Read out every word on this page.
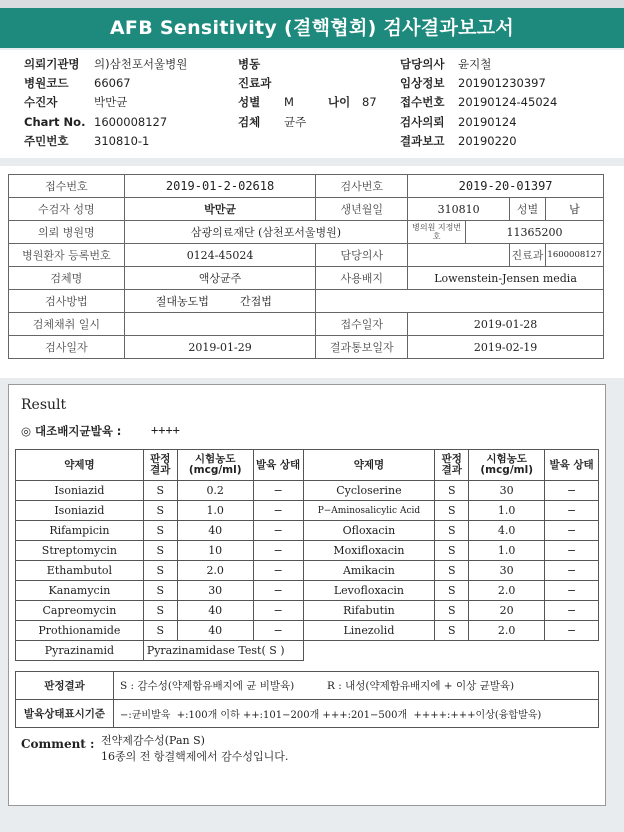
AFB Sensitivity (결핵협회) 검사결과보고서
의뢰기관명 의)삼천포서울병원	병동	담당의사 윤지철
병원코드 66067	진료과	임상정보 201901230397
수진자	박만균	성별 M	나이 87 접수번호 20190124-45024
Chart No. 1600008127	검체 균주	검사의뢰 20190124
주민번호 310810-1	결과보고 20190220
접수번호	2019-01-2-02618		검사번호	2019-20-01397			
수검자 성명	박만균		생년월일	310810		성별	남
의뢰 병원명	삼광의료재단 (삼천포서울병원)			병의원 지정번호	11365200		
병원환자 등록번호	0124-45024		담당의사			진료과	1600008127
검체명	액상균주		사용배지	Lowenstein-Jensen media			
검사방법	절대농도법	간접법					
검체채취 일시			접수일자	2019-01-28			
검사일자	2019-01-29		결과통보일자	2019-02-19			
Result
◎ 대조배지균발육 : ++++
약제명	판정 결과	시험농도 (mcg/ml)	발육 상태	약제명	판정 결과	시험농도 (mcg/ml)	발육 상태
Isoniazid	S	0.2	−	Cycloserine	S	30	−
Isoniazid	S	1.0	−	P−Aminosalicylic Acid	S	1.0	−
Rifampicin	S	40	−	Ofloxacin	S	4.0	−
Streptomycin	S	10	−	Moxifloxacin	S	1.0	−
Ethambutol	S	2.0	−	Amikacin	S	30	−
Kanamycin	S	30	−	Levofloxacin	S	2.0	−
Capreomycin	S	40	−	Rifabutin	S	20	−
Prothionamide	S	40	−	Linezolid	S	2.0	−
Pyrazinamid	Pyrazinamidase Test( S )						
판정결과	S : 감수성(약제함유배지에 균 비발육) R : 내성(약제함유배지에 + 이상 균발육)
발육상태표시기준	−:균비발육  +:100개 이하 ++:101−200개 +++:201−500개  ++++:+++이상(융합발육)
Comment : 전약제감수성(Pan S)
16종의 전 항결핵제에서 감수성입니다.
